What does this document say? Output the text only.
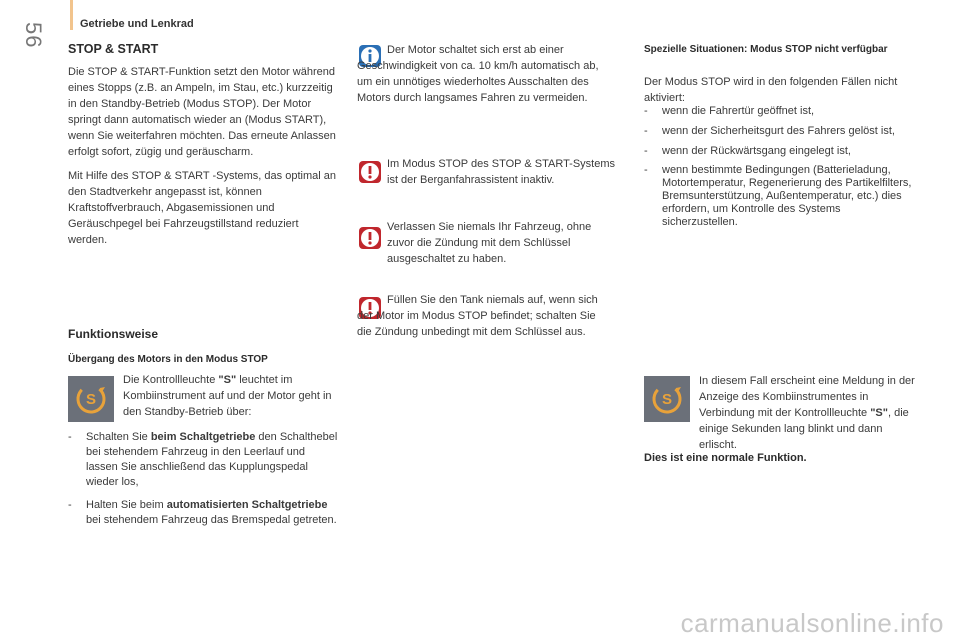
56	Getriebe und Lenkrad
STOP & START
Die STOP & START-Funktion setzt den Motor während eines Stopps (z.B. an Ampeln, im Stau, etc.) kurzzeitig in den Standby-Betrieb (Modus STOP). Der Motor springt dann automatisch wieder an (Modus START), wenn Sie weiterfahren möchten. Das erneute Anlassen erfolgt sofort, zügig und geräuscharm.
Mit Hilfe des STOP & START -Systems, das optimal an den Stadtverkehr angepasst ist, können Kraftstoffverbrauch, Abgasemissionen und Geräuschpegel bei Fahrzeugstillstand reduziert werden.
Funktionsweise
Übergang des Motors in den Modus STOP
S
Die Kontrollleuchte "S" leuchtet im Kombiinstrument auf und der Motor geht in den Standby-Betrieb über:
-	Schalten Sie beim Schaltgetriebe den Schalthebel bei stehendem Fahrzeug in den Leerlauf und lassen Sie anschließend das Kupplungspedal wieder los,
-	Halten Sie beim automatisierten Schaltgetriebe bei stehendem Fahrzeug das Bremspedal getreten.
Der Motor schaltet sich erst ab einer Geschwindigkeit von ca. 10 km/h automatisch ab, um ein unnötiges wiederholtes Ausschalten des Motors durch langsames Fahren zu vermeiden.
Im Modus STOP des STOP & START-Systems ist der Berganfahrassistent inaktiv.
Verlassen Sie niemals Ihr Fahrzeug, ohne zuvor die Zündung mit dem Schlüssel ausgeschaltet zu haben.
Füllen Sie den Tank niemals auf, wenn sich der Motor im Modus STOP befindet; schalten Sie die Zündung unbedingt mit dem Schlüssel aus.
Spezielle Situationen: Modus STOP nicht verfügbar
Der Modus STOP wird in den folgenden Fällen nicht aktiviert:
-	wenn die Fahrertür geöffnet ist,
-	wenn der Sicherheitsgurt des Fahrers gelöst ist,
-	wenn der Rückwärtsgang eingelegt ist,
-	wenn bestimmte Bedingungen (Batterieladung, Motortemperatur, Regenerierung des Partikelfilters, Bremsunterstützung, Außentemperatur, etc.) dies erfordern, um Kontrolle des Systems sicherzustellen.
S
In diesem Fall erscheint eine Meldung in der Anzeige des Kombiinstrumentes in Verbindung mit der Kontrollleuchte "S", die einige Sekunden lang blinkt und dann erlischt.
Dies ist eine normale Funktion.
carmanualsonline.info
